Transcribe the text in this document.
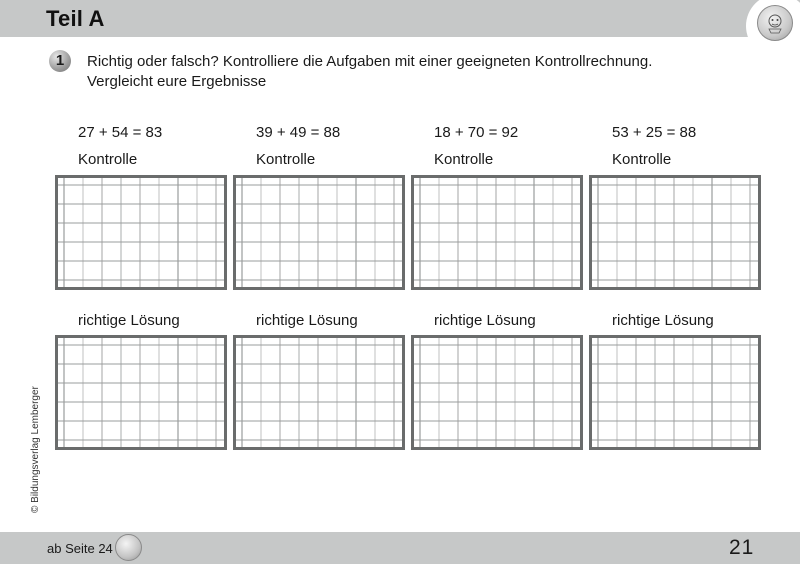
Teil A
1	Richtig oder falsch? Kontrolliere die Aufgaben mit einer geeigneten Kontrollrechnung.
Vergleicht eure Ergebnisse
27 + 54 = 83	39 + 49 = 88	18 + 70 = 92	53 + 25 = 88
Kontrolle	Kontrolle	Kontrolle	Kontrolle
richtige Lösung	richtige Lösung	richtige Lösung	richtige Lösung
© Bildungsverlag Lemberger
ab Seite 24	21
